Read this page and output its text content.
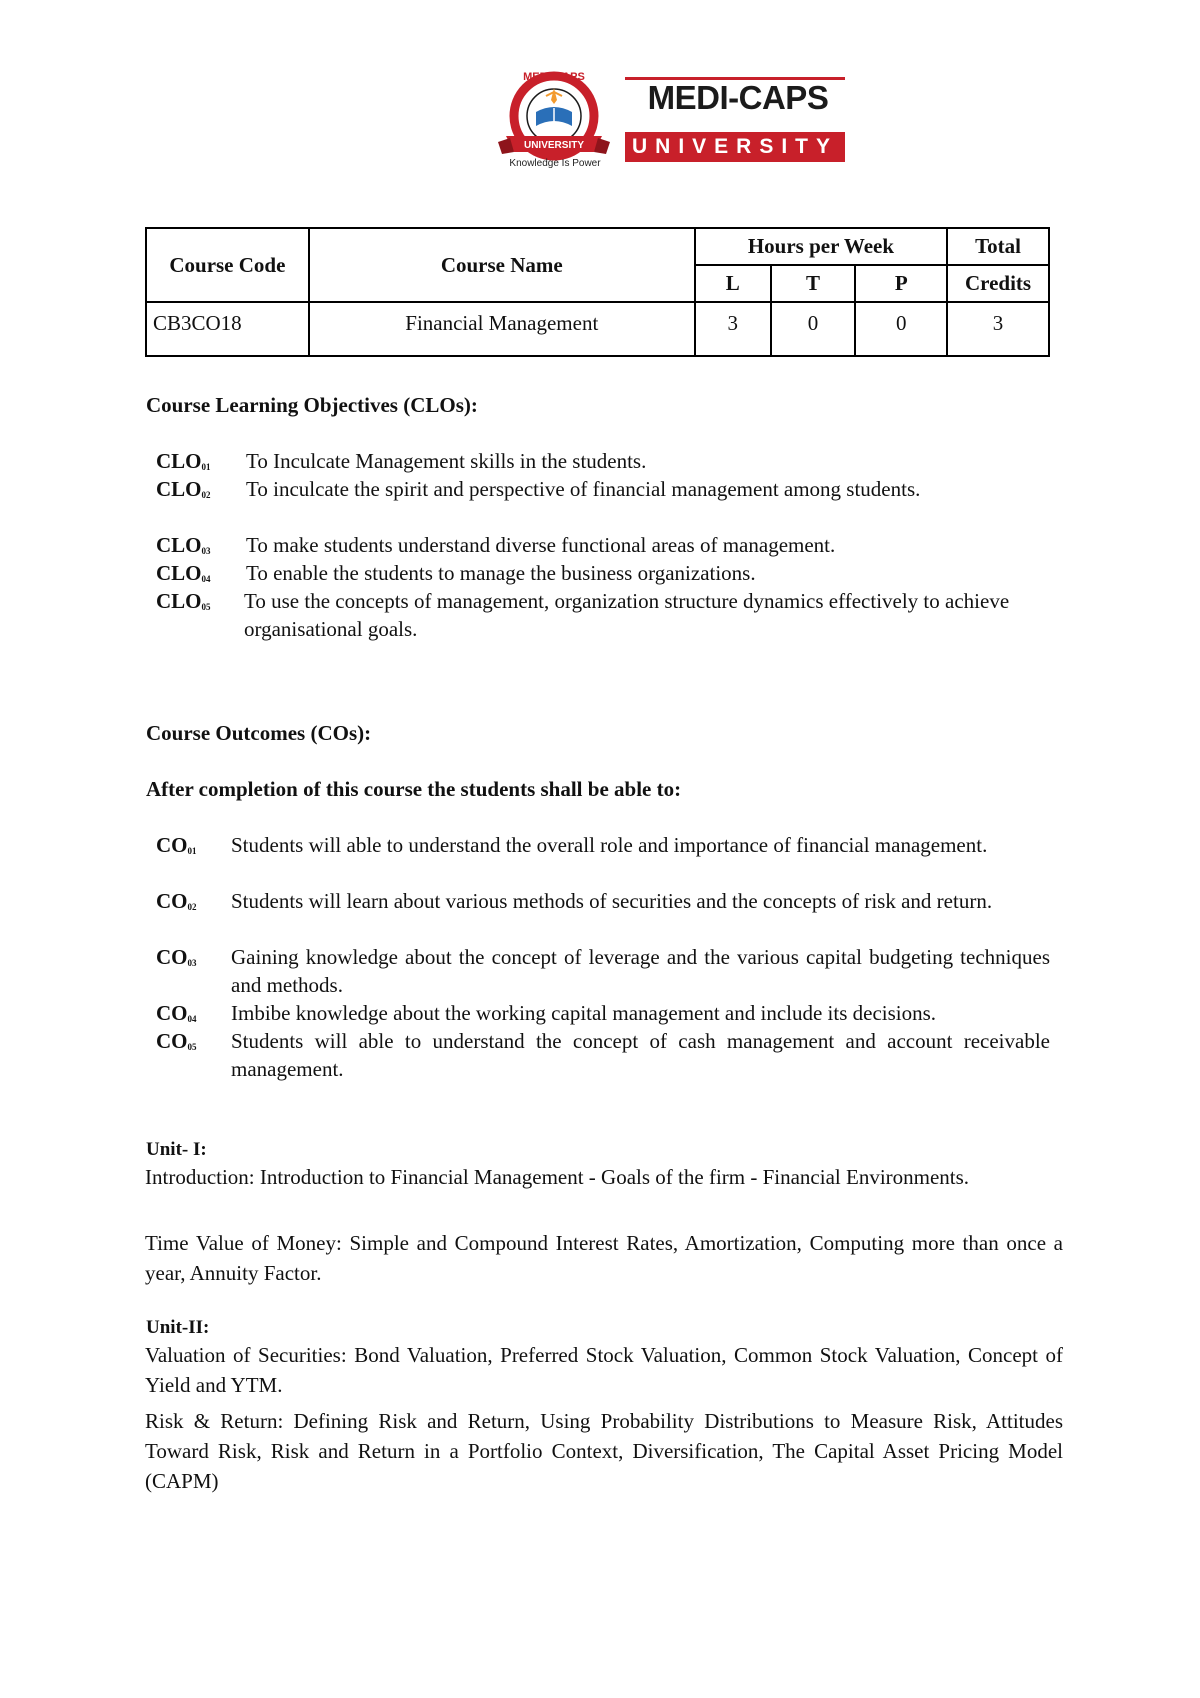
MEDI-CAPS
UNIVERSITY
Knowledge Is Power
MEDI-CAPS
UNIVERSITY
Course Code	Course Name	Hours per Week			Total
		L	T	P	Credits
CB3CO18	Financial Management	3	0	0	3
Course Learning Objectives (CLOs):
$CLO_{01}$ To Inculcate Management skills in the students.
$CLO_{02}$ To inculcate the spirit and perspective of financial management among students.
$CLO_{03}$ To make students understand diverse functional areas of management.
$CLO_{04}$ To enable the students to manage the business organizations.
$CLO_{05}$ To use the concepts of management, organization structure dynamics effectively to achieve organisational goals.
Course Outcomes (COs):
After completion of this course the students shall be able to:
$CO_{01}$ Students will able to understand the overall role and importance of financial management.
$CO_{02}$ Students will learn about various methods of securities and the concepts of risk and return.
$CO_{03}$ Gaining knowledge about the concept of leverage and the various capital budgeting techniques and methods.
$CO_{04}$ Imbibe knowledge about the working capital management and include its decisions.
$CO_{05}$ Students will able to understand the concept of cash management and account receivable management.
Unit- I:
Introduction: Introduction to Financial Management - Goals of the firm - Financial Environments.
Time Value of Money: Simple and Compound Interest Rates, Amortization, Computing more than once a year, Annuity Factor.
Unit-II:
Valuation of Securities: Bond Valuation, Preferred Stock Valuation, Common Stock Valuation, Concept of Yield and YTM.
Risk & Return: Defining Risk and Return, Using Probability Distributions to Measure Risk, Attitudes Toward Risk, Risk and Return in a Portfolio Context, Diversification, The Capital Asset Pricing Model (CAPM)
